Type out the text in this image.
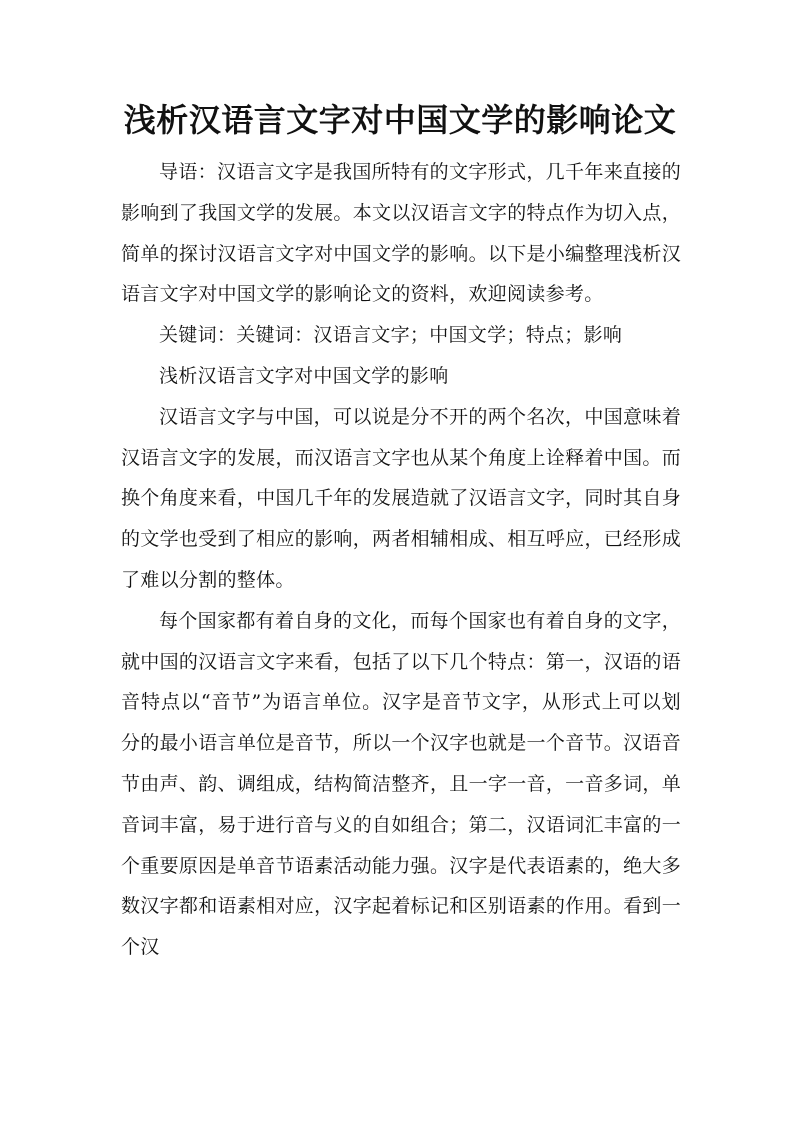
浅析汉语言文字对中国文学的影响论文

导语：汉语言文字是我国所特有的文字形式，几千年来直接的影响到了我国文学的发展。本文以汉语言文字的特点作为切入点，简单的探讨汉语言文字对中国文学的影响。以下是小编整理浅析汉语言文字对中国文学的影响论文的资料，欢迎阅读参考。

关键词：关键词：汉语言文字；中国文学；特点；影响

浅析汉语言文字对中国文学的影响

汉语言文字与中国，可以说是分不开的两个名次，中国意味着汉语言文字的发展，而汉语言文字也从某个角度上诠释着中国。而换个角度来看，中国几千年的发展造就了汉语言文字，同时其自身的文学也受到了相应的影响，两者相辅相成、相互呼应，已经形成了难以分割的整体。

每个国家都有着自身的文化，而每个国家也有着自身的文字，就中国的汉语言文字来看，包括了以下几个特点：第一，汉语的语音特点以“音节”为语言单位。汉字是音节文字，从形式上可以划分的最小语言单位是音节，所以一个汉字也就是一个音节。汉语音节由声、韵、调组成，结构简洁整齐，且一字一音，一音多词，单音词丰富，易于进行音与义的自如组合；第二，汉语词汇丰富的一个重要原因是单音节语素活动能力强。汉字是代表语素的，绝大多数汉字都和语素相对应，汉字起着标记和区别语素的作用。看到一个汉
